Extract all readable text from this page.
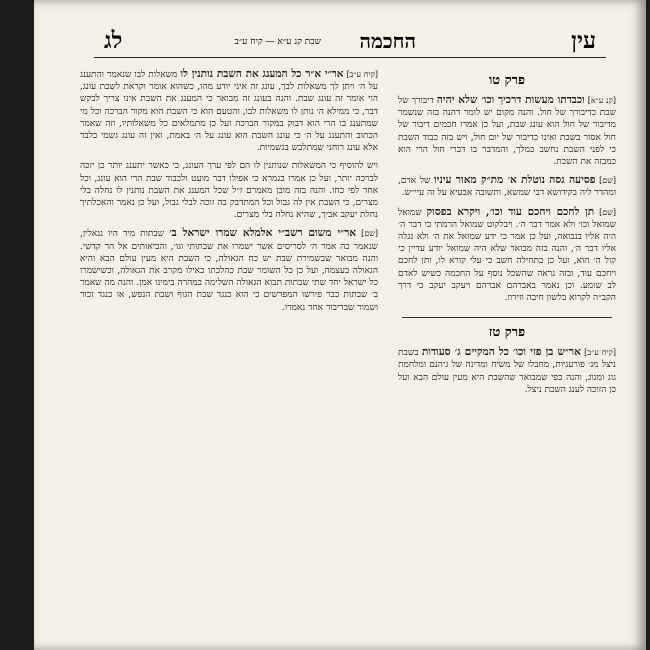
עין
החכמה
שבת קנ ע״א — קיח ע״ב
לג
פרק טו

[קנ ע״א] וכבדתו מעשות דרכיך וכו׳ שלא יהיה דיבורך של שבת כדיבורך של חול. והנה מקום יש לומר דהנה בזה שנשמר מדיבור של חול הוא עונג שבת, ועל כן אמרו חכמים דיבור של חול אסור בשבת ואינו כדיבור של יום חול, ויש בזה כבוד השבת כי לפני השבת נחשב כמלך, והמדבר בו דברי חול הרי הוא כמבזה את השבת.

[שם] פסיעה גסה נוטלת א׳ מת״ק מאור עיניו של אדם, ומהדר ליה בקידושא דבי שמשא, ותשובה אבעיא על זה עיי״ש.

[שם] תן לחכם ויחכם עוד וכו׳, ויקרא בפסוק שמואל שמואל וכו׳ ולא אמר דבר ה׳. ויבלקוט שמואל הרמתי כי דבר ה׳ היה אליו בנבואה, ועל כן אמר כי ידע שמואל את ה׳ ולא נגלה אליו דבר ה׳, והנה בזה מבואר שלא היה שמואל יודע עדיין כי קול ה׳ הוא, ועל כן בתחילה חשב כי עלי קורא לו, ותן לחכם ויחכם עוד, ובזה נראה שהשכל נוסף על החכמה כשיש לאדם לב שומע. וכן נאמר באברהם אברהם ויעקב יעקב כי דרך הקב״ה לקרוא בלשון חיבה וזירוז.

פרק טז

[קיח ע״ב] אר״ש בן פזי וכו׳ כל המקיים ג׳ סעודות בשבת ניצל מג׳ פורעניות, מחבלו של משיח ומדינה של גיהנם ומלחמת גוג ומגוג, והנה כפי שמבואר שהשבת היא מעין עולם הבא ועל כן הזוכה לענג השבת ניצל.

[קיח ע״ב] אר״י א״ר כל המענג את השבת נותנין לו משאלות לבו שנאמר והתענג על ה׳ ויתן לך משאלות לבך, עונג זה איני יודע מהו, כשהוא אומר וקראת לשבת עונג, הוי אומר זה עונג שבת. והנה בעונג זה מבואר כי המענג את השבת אינו צריך לבקש דבר, כי ממילא ה׳ נותן לו משאלות לבו, והטעם הוא כי השבת הוא מקור הברכה וכל מי שמתענג בו הרי הוא דבוק במקור הברכה ועל כן מתמלאים כל משאלותיו, וזה שאמר הכתוב והתענג על ה׳ כי עונג השבת הוא עונג על ה׳ באמת, ואין זה עונג גשמי בלבד אלא עונג רוחני שמתלבש בגשמיות.

ויש להוסיף כי המשאלות שנותנין לו הם לפי ערך העונג, כי כאשר יתענג יותר כן יזכה לברכה יותר, ועל כן אמרו בגמרא כי אפילו דבר מועט ולכבוד שבת הרי הוא עונג, וכל אחד לפי כחו. והנה בזה מובן מאמרם ז״ל שכל המענג את השבת נותנין לו נחלה בלי מצרים, כי השבת אין לה גבול וכל המתדבק בה זוכה לבלי גבול, ועל כן נאמר והאכלתיך נחלת יעקב אביך, שהיא נחלה בלי מצרים.

[שם] אר״י משום רשב״י אלמלא שמרו ישראל ב׳ שבתות מיד היו נגאלין, שנאמר כה אמר ה׳ לסריסים אשר ישמרו את שבתותי וגו׳, והביאותים אל הר קדשי. והנה מבואר שבשמירת שבת יש כח הגאולה, כי השבת היא מעין עולם הבא והיא הגאולה בעצמה, ועל כן כל השומר שבת כהלכתו כאילו מקרב את הגאולה, וכשישמרו כל ישראל יחד שתי שבתות תבוא הגאולה השלימה במהרה בימינו אמן. והנה מה שאמר ב׳ שבתות כבר פירשו המפרשים כי הוא כנגד שבת הגוף ושבת הנפש, או כנגד זכור ושמור שבדיבור אחד נאמרו.
